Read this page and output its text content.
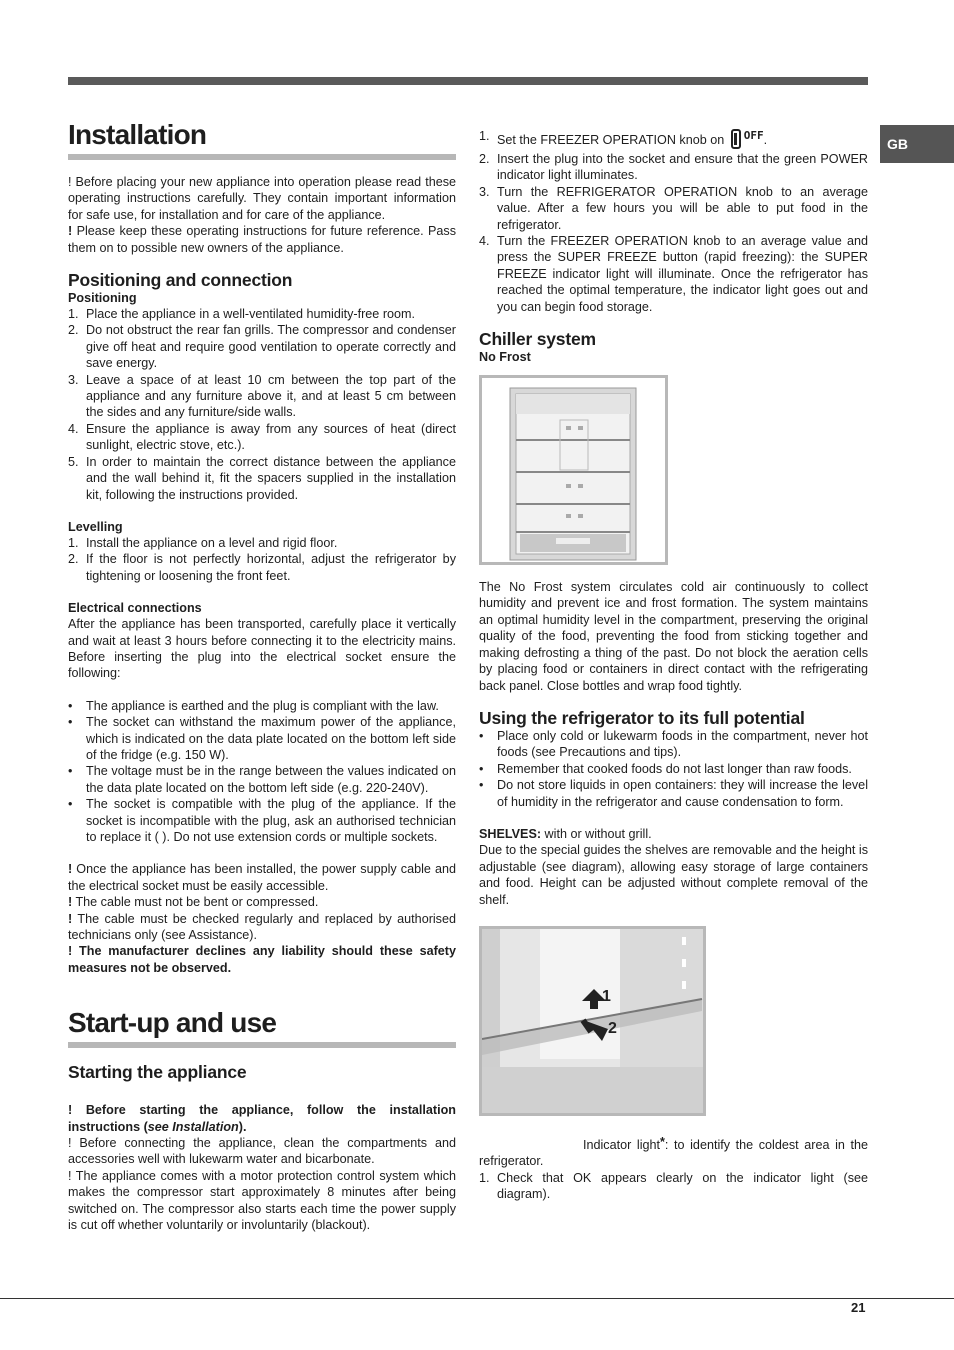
GB
Installation

! Before placing your new appliance into operation please read these operating instructions carefully. They contain important information for safe use, for installation and for care of the appliance.

! Please keep these operating instructions for future reference. Pass them on to possible new owners of the appliance.

Positioning and connection
Positioning
1. Place the appliance in a well-ventilated humidity-free room.
2. Do not obstruct the rear fan grills. The compressor and condenser give off heat and require good ventilation to operate correctly and save energy.
3. Leave a space of at least 10 cm between the top part of the appliance and any furniture above it, and at least 5 cm between the sides and any furniture/side walls.
4. Ensure the appliance is away from any sources of heat (direct sunlight, electric stove, etc.).
5. In order to maintain the correct distance between the appliance and the wall behind it, fit the spacers supplied in the installation kit, following the instructions provided.
Levelling
1. Install the appliance on a level and rigid floor.
2. If the floor is not perfectly horizontal, adjust the refrigerator by tightening or loosening the front feet.
Electrical connections

After the appliance has been transported, carefully place it vertically and wait at least 3 hours before connecting it to the electricity mains. Before inserting the plug into the electrical socket ensure the following:

• The appliance is earthed and the plug is compliant with the law.
• The socket can withstand the maximum power of the appliance, which is indicated on the data plate located on the bottom left side of the fridge (e.g. 150 W).
• The voltage must be in the range between the values indicated on the data plate located on the bottom left side (e.g. 220-240V).
• The socket is compatible with the plug of the appliance. If the socket is incompatible with the plug, ask an authorised technician to replace it ( ). Do not use extension cords or multiple sockets.

! Once the appliance has been installed, the power supply cable and the electrical socket must be easily accessible.

! The cable must not be bent or compressed.

! The cable must be checked regularly and replaced by authorised technicians only (see Assistance).

! The manufacturer declines any liability should these safety measures not be observed.

Start-up and use
Starting the appliance

! Before starting the appliance, follow the installation instructions (see Installation).

! Before connecting the appliance, clean the compartments and accessories well with lukewarm water and bicarbonate.

! The appliance comes with a motor protection control system which makes the compressor start approximately 8 minutes after being switched on. The compressor also starts each time the power supply is cut off whether voluntarily or involuntarily (blackout).

1. Set the FREEZER OPERATION knob on OFF.
2. Insert the plug into the socket and ensure that the green POWER indicator light illuminates.
3. Turn the REFRIGERATOR OPERATION knob to an average value. After a few hours you will be able to put food in the refrigerator.
4. Turn the FREEZER OPERATION knob to an average value and press the SUPER FREEZE button (rapid freezing): the SUPER FREEZE indicator light will illuminate. Once the refrigerator has reached the optimal temperature, the indicator light goes out and you can begin food storage.
Chiller system
No Frost

The No Frost system circulates cold air continuously to collect humidity and prevent ice and frost formation. The system maintains an optimal humidity level in the compartment, preserving the original quality of the food, preventing the food from sticking together and making defrosting a thing of the past. Do not block the aeration cells by placing food or containers in direct contact with the refrigerating back panel. Close bottles and wrap food tightly.

Using the refrigerator to its full potential
• Place only cold or lukewarm foods in the compartment, never hot foods (see Precautions and tips).
• Remember that cooked foods do not last longer than raw foods.
• Do not store liquids in open containers: they will increase the level of humidity in the refrigerator and cause condensation to form.

SHELVES: with or without grill.

Due to the special guides the shelves are removable and the height is adjustable (see diagram), allowing easy storage of large containers and food. Height can be adjusted without complete removal of the shelf.

1
2

Indicator light*: to identify the coldest area in the refrigerator.

1. Check that OK appears clearly on the indicator light (see diagram).
21
